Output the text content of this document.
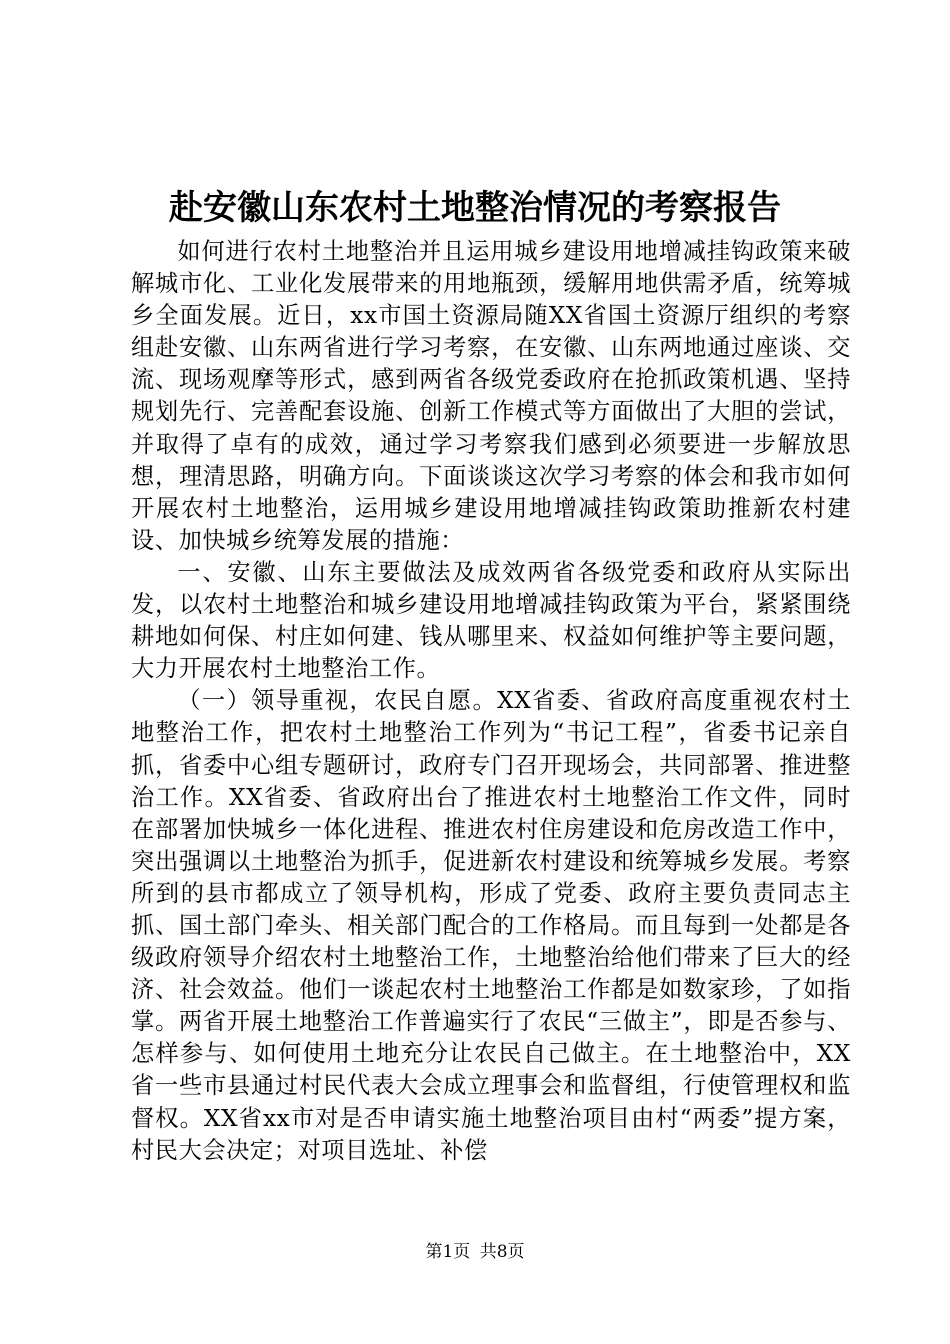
赴安徽山东农村土地整治情况的考察报告

如何进行农村土地整治并且运用城乡建设用地增减挂钩政策来破解城市化、工业化发展带来的用地瓶颈，缓解用地供需矛盾，统筹城乡全面发展。近日，xx市国土资源局随XX省国土资源厅组织的考察组赴安徽、山东两省进行学习考察，在安徽、山东两地通过座谈、交流、现场观摩等形式，感到两省各级党委政府在抢抓政策机遇、坚持规划先行、完善配套设施、创新工作模式等方面做出了大胆的尝试，并取得了卓有的成效，通过学习考察我们感到必须要进一步解放思想，理清思路，明确方向。下面谈谈这次学习考察的体会和我市如何开展农村土地整治，运用城乡建设用地增减挂钩政策助推新农村建设、加快城乡统筹发展的措施：

一、安徽、山东主要做法及成效两省各级党委和政府从实际出发，以农村土地整治和城乡建设用地增减挂钩政策为平台，紧紧围绕耕地如何保、村庄如何建、钱从哪里来、权益如何维护等主要问题，大力开展农村土地整治工作。

（一）领导重视，农民自愿。XX省委、省政府高度重视农村土地整治工作，把农村土地整治工作列为“书记工程”，省委书记亲自抓，省委中心组专题研讨，政府专门召开现场会，共同部署、推进整治工作。XX省委、省政府出台了推进农村土地整治工作文件，同时在部署加快城乡一体化进程、推进农村住房建设和危房改造工作中，突出强调以土地整治为抓手，促进新农村建设和统筹城乡发展。考察所到的县市都成立了领导机构，形成了党委、政府主要负责同志主抓、国土部门牵头、相关部门配合的工作格局。而且每到一处都是各级政府领导介绍农村土地整治工作，土地整治给他们带来了巨大的经济、社会效益。他们一谈起农村土地整治工作都是如数家珍，了如指掌。两省开展土地整治工作普遍实行了农民“三做主”，即是否参与、怎样参与、如何使用土地充分让农民自己做主。在土地整治中，XX省一些市县通过村民代表大会成立理事会和监督组，行使管理权和监督权。XX省xx市对是否申请实施土地整治项目由村“两委”提方案，村民大会决定；对项目选址、补偿

第1页 共8页
